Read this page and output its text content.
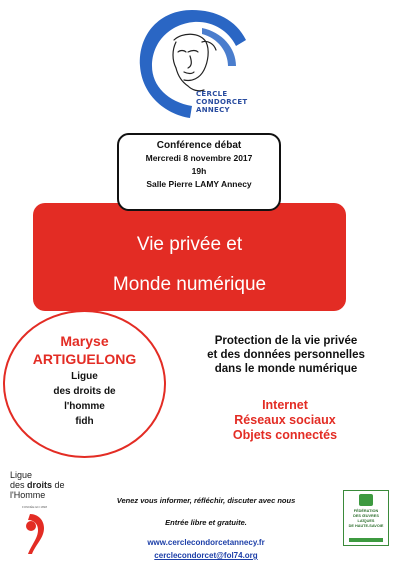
CERCLE
CONDORCET
ANNECY
Vie privée et
Monde numérique
Conférence débat
Mercredi 8 novembre 2017
19h
Salle Pierre LAMY Annecy
Maryse
ARTIGUELONG
Ligue
des droits de
l'homme
fidh
Protection de la vie privée
et des données personnelles
dans le monde numérique
Internet
Réseaux sociaux
Objets connectés
Ligue
des droits de
l'Homme
FONDÉE EN 1898
Venez vous informer, réfléchir, discuter avec nous
Entrée libre et gratuite.
www.cerclecondorcetannecy.fr
cerclecondorcet@fol74.org
FÉDÉRATION
DES ŒUVRES
LAÏQUES
DE HAUTE-SAVOIE
